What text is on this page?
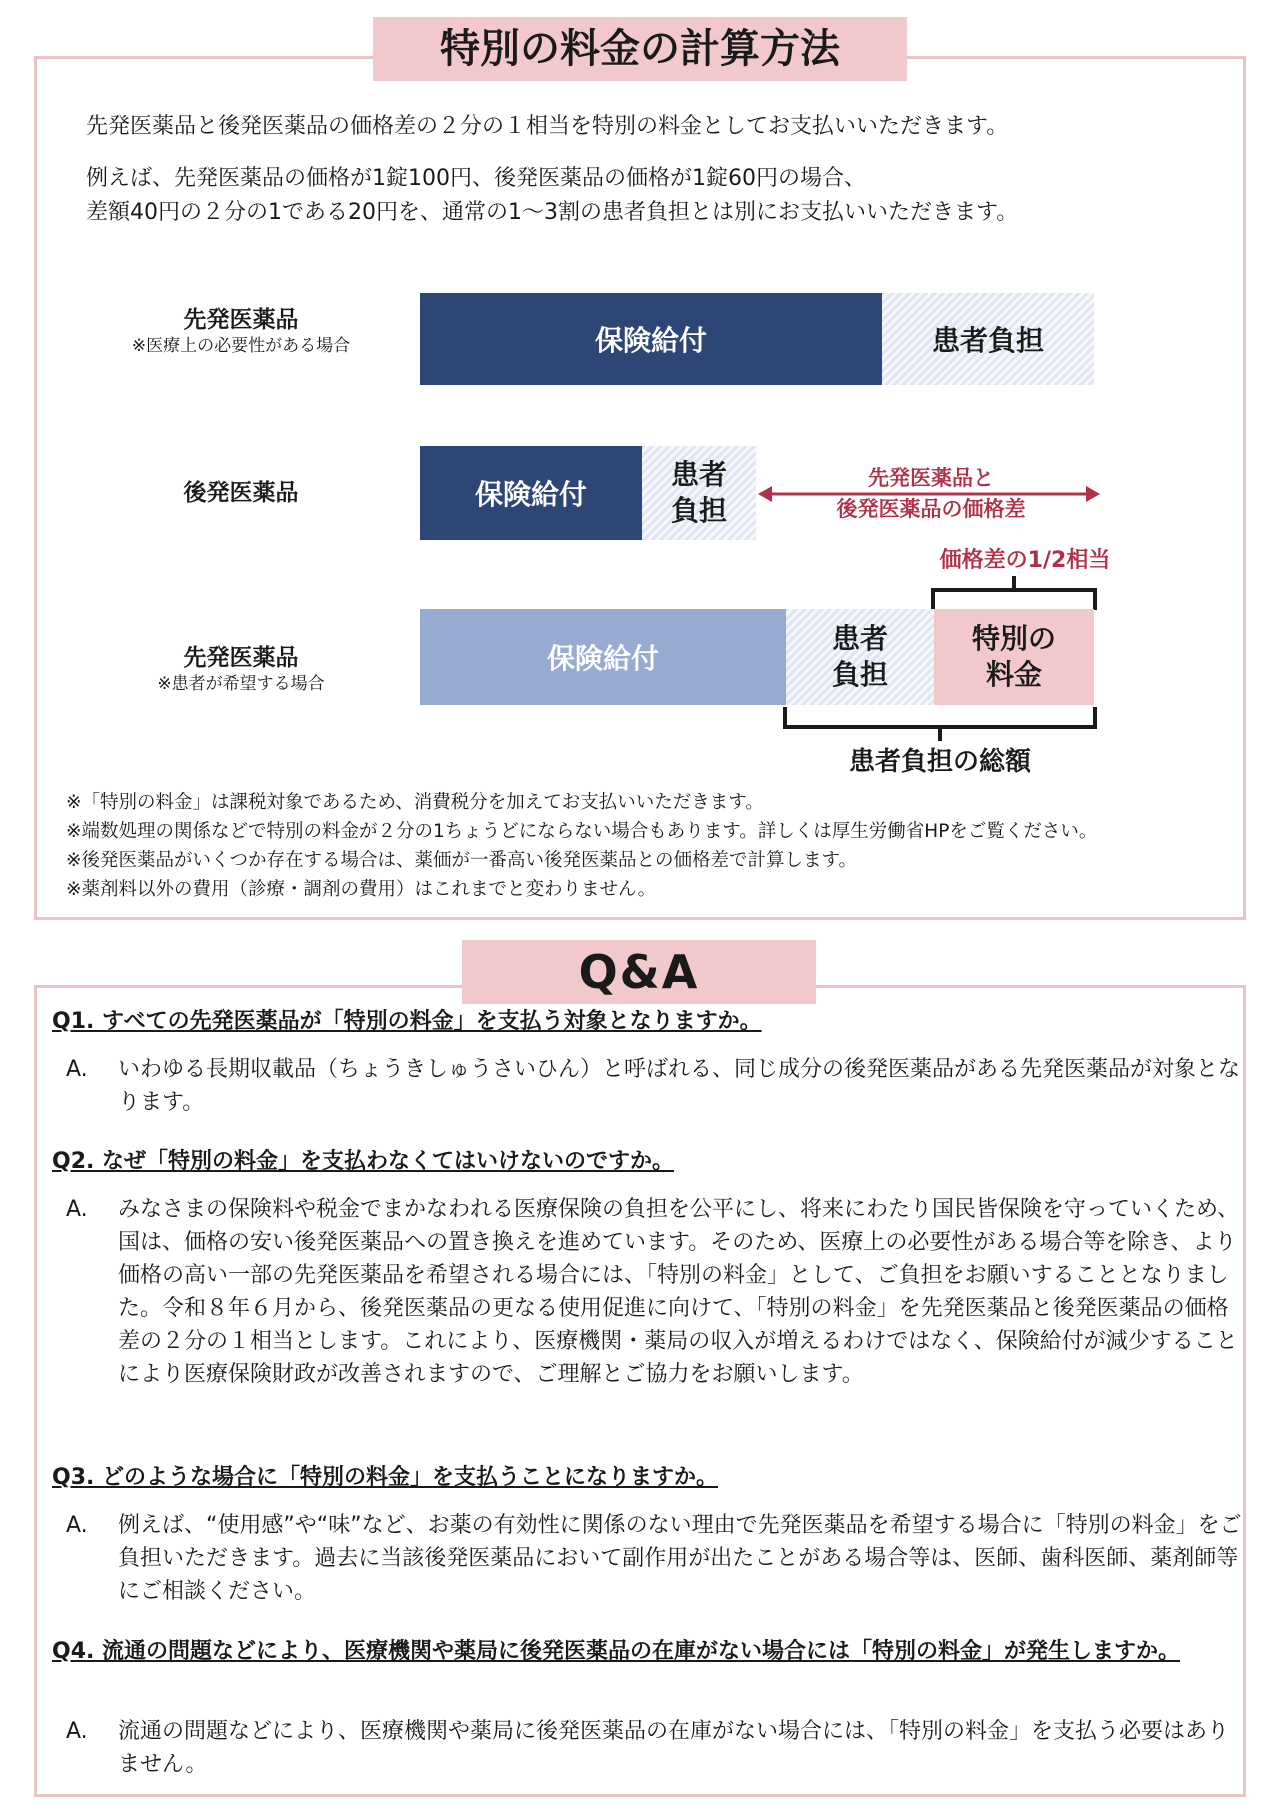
特別の料金の計算方法
先発医薬品と後発医薬品の価格差の２分の１相当を特別の料金としてお支払いいただきます。
例えば、先発医薬品の価格が1錠100円、後発医薬品の価格が1錠60円の場合、
差額40円の２分の1である20円を、通常の1～3割の患者負担とは別にお支払いいただきます。
先発医薬品
※医療上の必要性がある場合	保険給付	患者負担
後発医薬品	保険給付
患者
負担
先発医薬品と
後発医薬品の価格差
価格差の1/2相当
先発医薬品
※患者が希望する場合
保険給付
患者
負担
特別の
料金
患者負担の総額
※「特別の料金」は課税対象であるため、消費税分を加えてお支払いいただきます。
※端数処理の関係などで特別の料金が２分の1ちょうどにならない場合もあります。詳しくは厚生労働省HPをご覧ください。
※後発医薬品がいくつか存在する場合は、薬価が一番高い後発医薬品との価格差で計算します。
※薬剤料以外の費用（診療・調剤の費用）はこれまでと変わりません。
Q&A
Q1. すべての先発医薬品が「特別の料金」を支払う対象となりますか。
A. いわゆる長期収載品（ちょうきしゅうさいひん）と呼ばれる、同じ成分の後発医薬品がある先発医薬品が対象となります。
Q2. なぜ「特別の料金」を支払わなくてはいけないのですか。
A. みなさまの保険料や税金でまかなわれる医療保険の負担を公平にし、将来にわたり国民皆保険を守っていくため、国は、価格の安い後発医薬品への置き換えを進めています。そのため、医療上の必要性がある場合等を除き、より価格の高い一部の先発医薬品を希望される場合には、「特別の料金」として、ご負担をお願いすることとなりました。令和８年６月から、後発医薬品の更なる使用促進に向けて、「特別の料金」を先発医薬品と後発医薬品の価格差の２分の１相当とします。これにより、医療機関・薬局の収入が増えるわけではなく、保険給付が減少することにより医療保険財政が改善されますので、ご理解とご協力をお願いします。
Q3. どのような場合に「特別の料金」を支払うことになりますか。
A. 例えば、“使用感”や“味”など、お薬の有効性に関係のない理由で先発医薬品を希望する場合に「特別の料金」をご負担いただきます。過去に当該後発医薬品において副作用が出たことがある場合等は、医師、歯科医師、薬剤師等にご相談ください。
Q4. 流通の問題などにより、医療機関や薬局に後発医薬品の在庫がない場合には「特別の料金」が発生しますか。
A. 流通の問題などにより、医療機関や薬局に後発医薬品の在庫がない場合には、「特別の料金」を支払う必要はありません。
